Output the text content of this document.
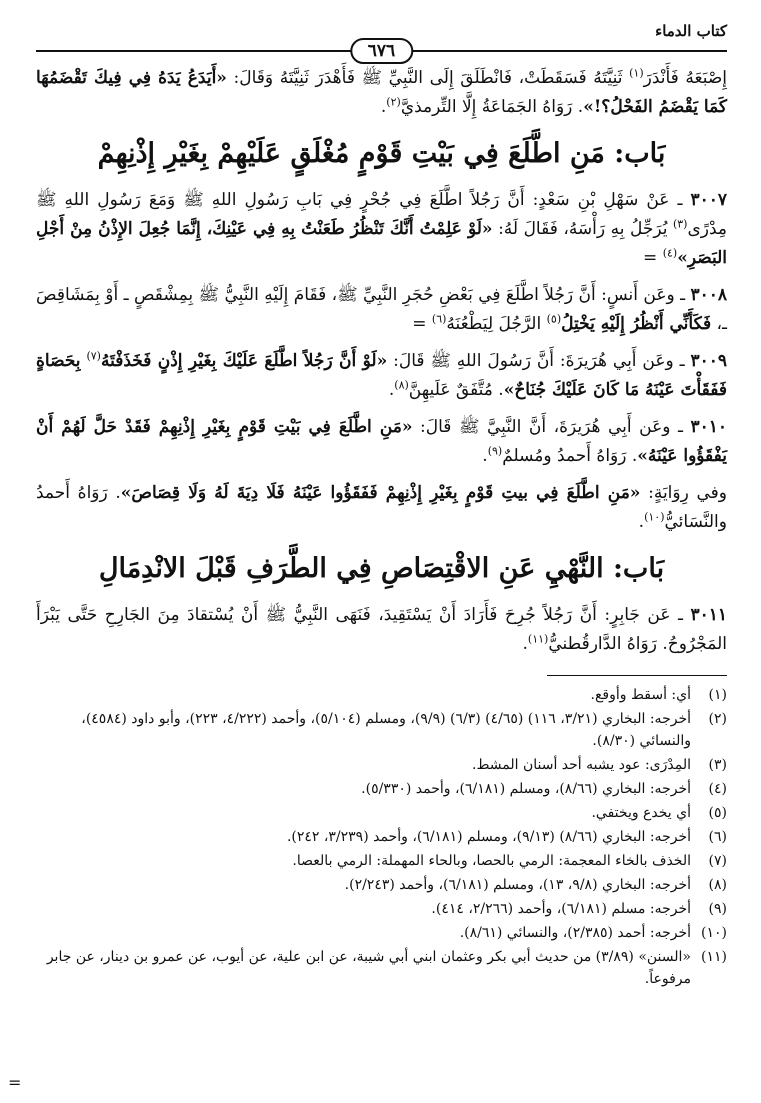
كتاب الدماء
٦٧٦

إِصْبَعَهُ فَأَنْدَرَ$^{(١)}$ ثَنِيَّتَهُ فَسَقَطَتْ، فَانْطَلَقَ إِلَى النَّبِيِّ ﷺ فَأَهْدَرَ ثَنِيَّتَهُ وَقَالَ: «أَيَدَعُ يَدَهُ فِي فِيكَ تَقْضَمُهَا كَمَا يَقْضَمُ الفَحْلُ؟!». رَوَاهُ الجَمَاعَةُ إِلَّا التِّرمذيَّ$^{(٢)}$.

بَاب: مَنِ اطَّلَعَ فِي بَيْتِ قَوْمٍ مُغْلَقٍ عَلَيْهِمْ بِغَيْرِ إِذْنِهِمْ

٣٠٠٧ ـ عَنْ سَهْلِ بْنِ سَعْدٍ: أَنَّ رَجُلاً اطَّلَعَ فِي جُحْرٍ فِي بَابِ رَسُولِ اللهِ ﷺ وَمَعَ رَسُولِ اللهِ ﷺ مِدْرًى$^{(٣)}$ يُرَجِّلُ بِهِ رَأْسَهُ، فَقَالَ لَهُ: «لَوْ عَلِمْتُ أَنَّكَ تَنْظُرُ طَعَنْتُ بِهِ فِي عَيْنِكَ، إِنَّمَا جُعِلَ الإِذْنُ مِنْ أَجْلِ البَصَرِ»$^{(٤)}$ =

٣٠٠٨ ـ وعَن أَنسٍ: أَنَّ رَجُلاً اطَّلَعَ فِي بَعْضِ حُجَرِ النَّبِيِّ ﷺ، فَقَامَ إِلَيْهِ النَّبِيُّ ﷺ بِمِشْقَصٍ ـ أَوْ بِمَشَاقِصَ ـ، فَكَأَنِّي أَنْظُرُ إِلَيْهِ يَخْتِلُ$^{(٥)}$ الرَّجُلَ لِيَطْعُنَهُ$^{(٦)}$ =

٣٠٠٩ ـ وعَن أَبِي هُرَيرَةَ: أَنَّ رَسُولَ اللهِ ﷺ قَالَ: «لَوْ أَنَّ رَجُلاً اطَّلَعَ عَلَيْكَ بِغَيْرِ إِذْنٍ فَخَذَفْتَهُ$^{(٧)}$ بِحَصَاةٍ فَفَقَأْتَ عَيْنَهُ مَا كَانَ عَلَيْكَ جُنَاحٌ». مُتَّفَقٌ عَلَيهِنَّ$^{(٨)}$.

٣٠١٠ ـ وعَن أَبِي هُرَيرَةَ، أَنَّ النَّبِيَّ ﷺ قَالَ: «مَنِ اطَّلَعَ فِي بَيْتِ قَوْمٍ بِغَيْرِ إِذْنِهِمْ فَقَدْ حَلَّ لَهُمْ أَنْ يَفْقَؤُوا عَيْنَهُ». رَوَاهُ أَحمدُ ومُسلمٌ$^{(٩)}$.

وفي رِوَايَةٍ: «مَنِ اطَّلَعَ فِي بيتِ قَوْمٍ بِغَيْرِ إِذْنِهِمْ فَفَقَؤُوا عَيْنَهُ فَلَا دِيَةَ لَهُ وَلَا قِصَاصَ». رَوَاهُ أَحمدُ والنَّسَائيُّ$^{(١٠)}$.

بَاب: النَّهْيِ عَنِ الاقْتِصَاصِ فِي الطَّرَفِ قَبْلَ الانْدِمَالِ

٣٠١١ ـ عَن جَابِرٍ: أَنَّ رَجُلاً جُرِحَ فَأَرَادَ أَنْ يَسْتَقِيدَ، فَنَهَى النَّبِيُّ ﷺ أَنْ يُسْتقادَ مِنَ الجَارِحِ حَتَّى يَبْرَأَ المَجْرُوحُ. رَوَاهُ الدَّارقُطنيُّ$^{(١١)}$.

(١)
أي: أسقط وأوقع.
(٢)
أخرجه: البخاري (٣/٢١، ١١٦) (٤/٦٥) (٦/٣) (٩/٩)، ومسلم (٥/١٠٤)، وأحمد (٤/٢٢٢، ٢٢٣)، وأبو داود (٤٥٨٤)، والنسائي (٨/٣٠).
(٣)
المِدْرَى: عود يشبه أحد أسنان المشط.
(٤)
أخرجه: البخاري (٨/٦٦)، ومسلم (٦/١٨١)، وأحمد (٥/٣٣٠).
(٥)
أي يخدع ويختفي.
(٦)
أخرجه: البخاري (٨/٦٦) (٩/١٣)، ومسلم (٦/١٨١)، وأحمد (٣/٢٣٩، ٢٤٢).
(٧)
الخذف بالخاء المعجمة: الرمي بالحصا، وبالحاء المهملة: الرمي بالعصا.
(٨)
أخرجه: البخاري (٩/٨، ١٣)، ومسلم (٦/١٨١)، وأحمد (٢/٢٤٣).
(٩)
أخرجه: مسلم (٦/١٨١)، وأحمد (٢/٢٦٦، ٤١٤).
(١٠)
أخرجه: أحمد (٢/٣٨٥)، والنسائي (٨/٦١).
(١١)
«السنن» (٣/٨٩) من حديث أبي بكر وعثمان ابني أبي شيبة، عن ابن علية، عن أيوب، عن عمرو بن دينار، عن جابر مرفوعاً.
=
